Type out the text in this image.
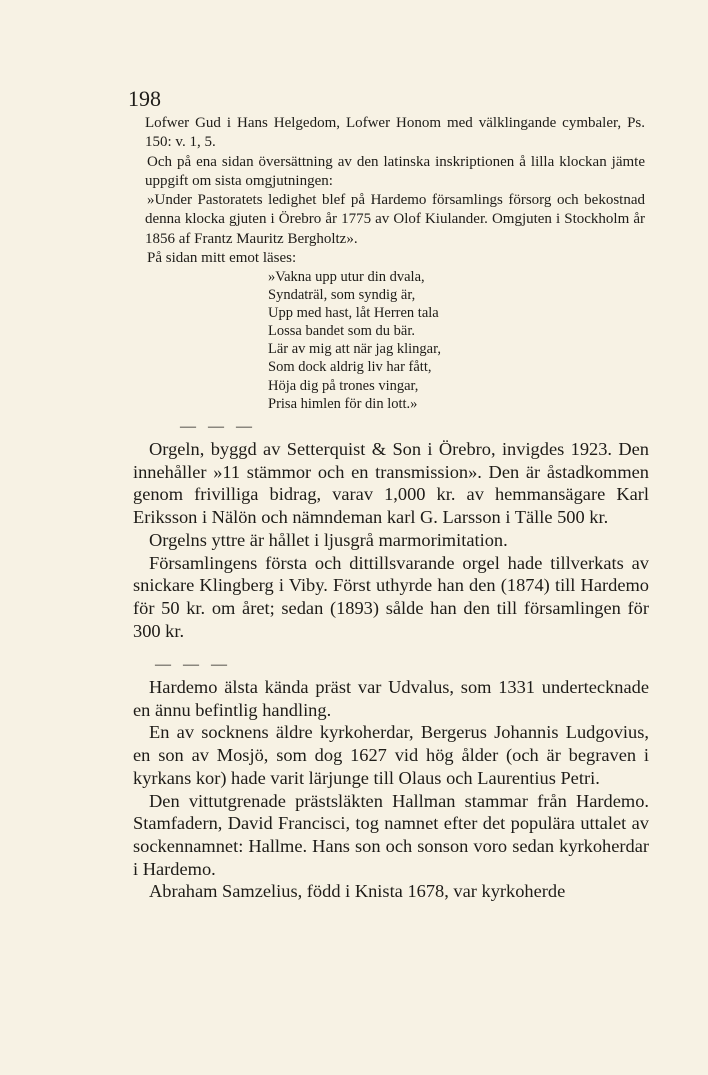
198

Lofwer Gud i Hans Helgedom, Lofwer Honom med välklingande cymbaler, Ps. 150: v. 1, 5.

Och på ena sidan översättning av den latinska inskriptionen å lilla klockan jämte uppgift om sista omgjutningen:

»Under Pastoratets ledighet blef på Hardemo församlings försorg och bekostnad denna klocka gjuten i Örebro år 1775 av Olof Kiulander. Omgjuten i Stockholm år 1856 af Frantz Mauritz Bergholtz».

På sidan mitt emot läses:

»Vakna upp utur din dvala,
Syndaträl, som syndig är,
Upp med hast, låt Herren tala
Lossa bandet som du bär.
Lär av mig att när jag klingar,
Som dock aldrig liv har fått,
Höja dig på trones vingar,
Prisa himlen för din lott.»
— — —

Orgeln, byggd av Setterquist & Son i Örebro, invigdes 1923. Den innehåller »11 stämmor och en transmission». Den är åstadkommen genom frivilliga bidrag, varav 1,000 kr. av hemmansägare Karl Eriksson i Nälön och nämndeman karl G. Larsson i Tälle 500 kr.

Orgelns yttre är hållet i ljusgrå marmorimitation.

Församlingens första och dittillsvarande orgel hade tillverkats av snickare Klingberg i Viby. Först uthyrde han den (1874) till Hardemo för 50 kr. om året; sedan (1893) sålde han den till församlingen för 300 kr.

— — —

Hardemo älsta kända präst var Udvalus, som 1331 undertecknade en ännu befintlig handling.

En av socknens äldre kyrkoherdar, Bergerus Johannis Ludgovius, en son av Mosjö, som dog 1627 vid hög ålder (och är begraven i kyrkans kor) hade varit lärjunge till Olaus och Laurentius Petri.

Den vittutgrenade prästsläkten Hallman stammar från Hardemo. Stamfadern, David Francisci, tog namnet efter det populära uttalet av sockennamnet: Hallme. Hans son och sonson voro sedan kyrkoherdar i Hardemo.

Abraham Samzelius, född i Knista 1678, var kyrkoherde
